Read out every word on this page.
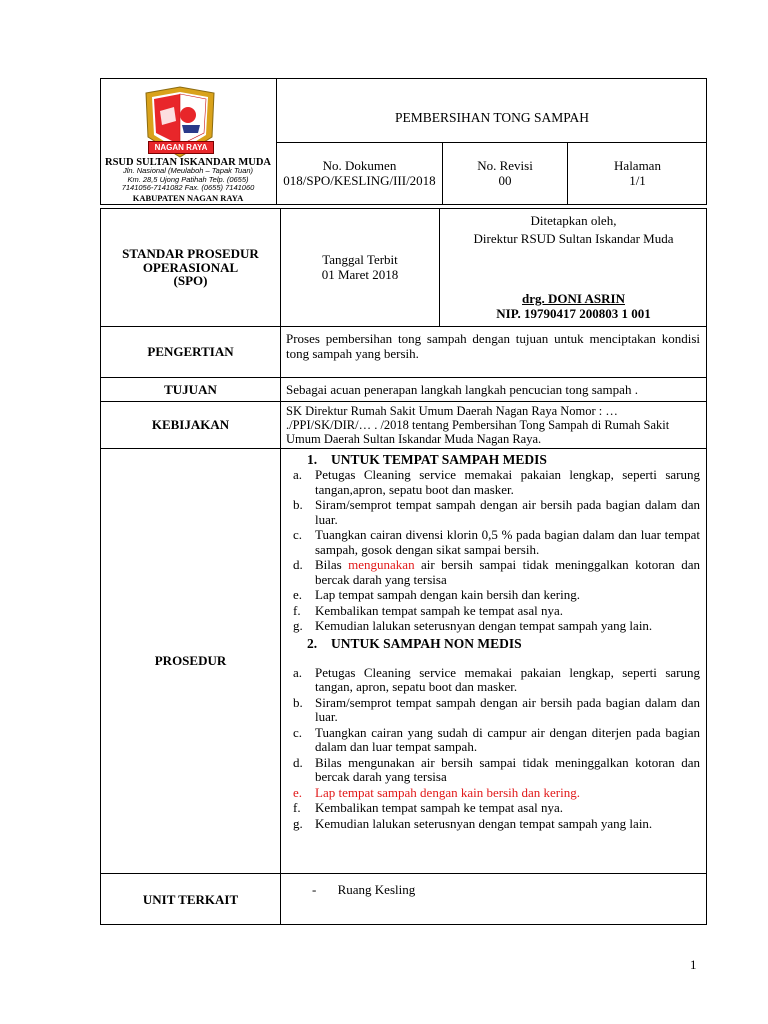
NAGAN RAYA
RSUD SULTAN ISKANDAR MUDA
Jln. Nasional (Meulaboh – Tapak Tuan)
Km. 28,5 Ujong Patihah Telp. (0655)
7141056-7141082 Fax. (0655) 7141060
KABUPATEN NAGAN RAYA
PEMBERSIHAN TONG SAMPAH
No. Dokumen
018/SPO/KESLING/III/2018
No. Revisi
00
Halaman
1/1
STANDAR PROSEDUR
OPERASIONAL
(SPO)
Tanggal Terbit
01 Maret 2018
Ditetapkan oleh,
Direktur RSUD Sultan Iskandar Muda
drg. DONI ASRIN
NIP. 19790417 200803 1 001
PENGERTIAN
Proses pembersihan tong sampah dengan tujuan untuk menciptakan kondisi tong sampah yang bersih.
TUJUAN	Sebagai acuan penerapan langkah langkah pencucian tong sampah .
KEBIJAKAN
SK Direktur Rumah Sakit Umum Daerah Nagan Raya Nomor : … ./PPI/SK/DIR/… . /2018 tentang Pembersihan Tong Sampah di Rumah Sakit Umum Daerah Sultan Iskandar Muda Nagan Raya.
PROSEDUR
1. UNTUK TEMPAT SAMPAH MEDIS
a. Petugas Cleaning service memakai pakaian lengkap, seperti sarung tangan,apron, sepatu boot dan masker.
b. Siram/semprot tempat sampah dengan air bersih pada bagian dalam dan luar.
c. Tuangkan cairan divensi klorin 0,5 % pada bagian dalam dan luar tempat sampah, gosok dengan sikat sampai bersih.
d. Bilas mengunakan air bersih sampai tidak meninggalkan kotoran dan bercak darah yang tersisa
e. Lap tempat sampah dengan kain bersih dan kering.
f. Kembalikan tempat sampah ke tempat asal nya.
g. Kemudian lalukan seterusnyan dengan tempat sampah yang lain.
2. UNTUK SAMPAH NON MEDIS
a. Petugas Cleaning service memakai pakaian lengkap, seperti sarung tangan, apron, sepatu boot dan masker.
b. Siram/semprot tempat sampah dengan air bersih pada bagian dalam dan luar.
c. Tuangkan cairan yang sudah di campur air dengan diterjen pada bagian dalam dan luar tempat sampah.
d. Bilas mengunakan air bersih sampai tidak meninggalkan kotoran dan bercak darah yang tersisa
e. Lap tempat sampah dengan kain bersih dan kering.
f. Kembalikan tempat sampah ke tempat asal nya.
g. Kemudian lalukan seterusnyan dengan tempat sampah yang lain.
UNIT TERKAIT
- Ruang Kesling
1
